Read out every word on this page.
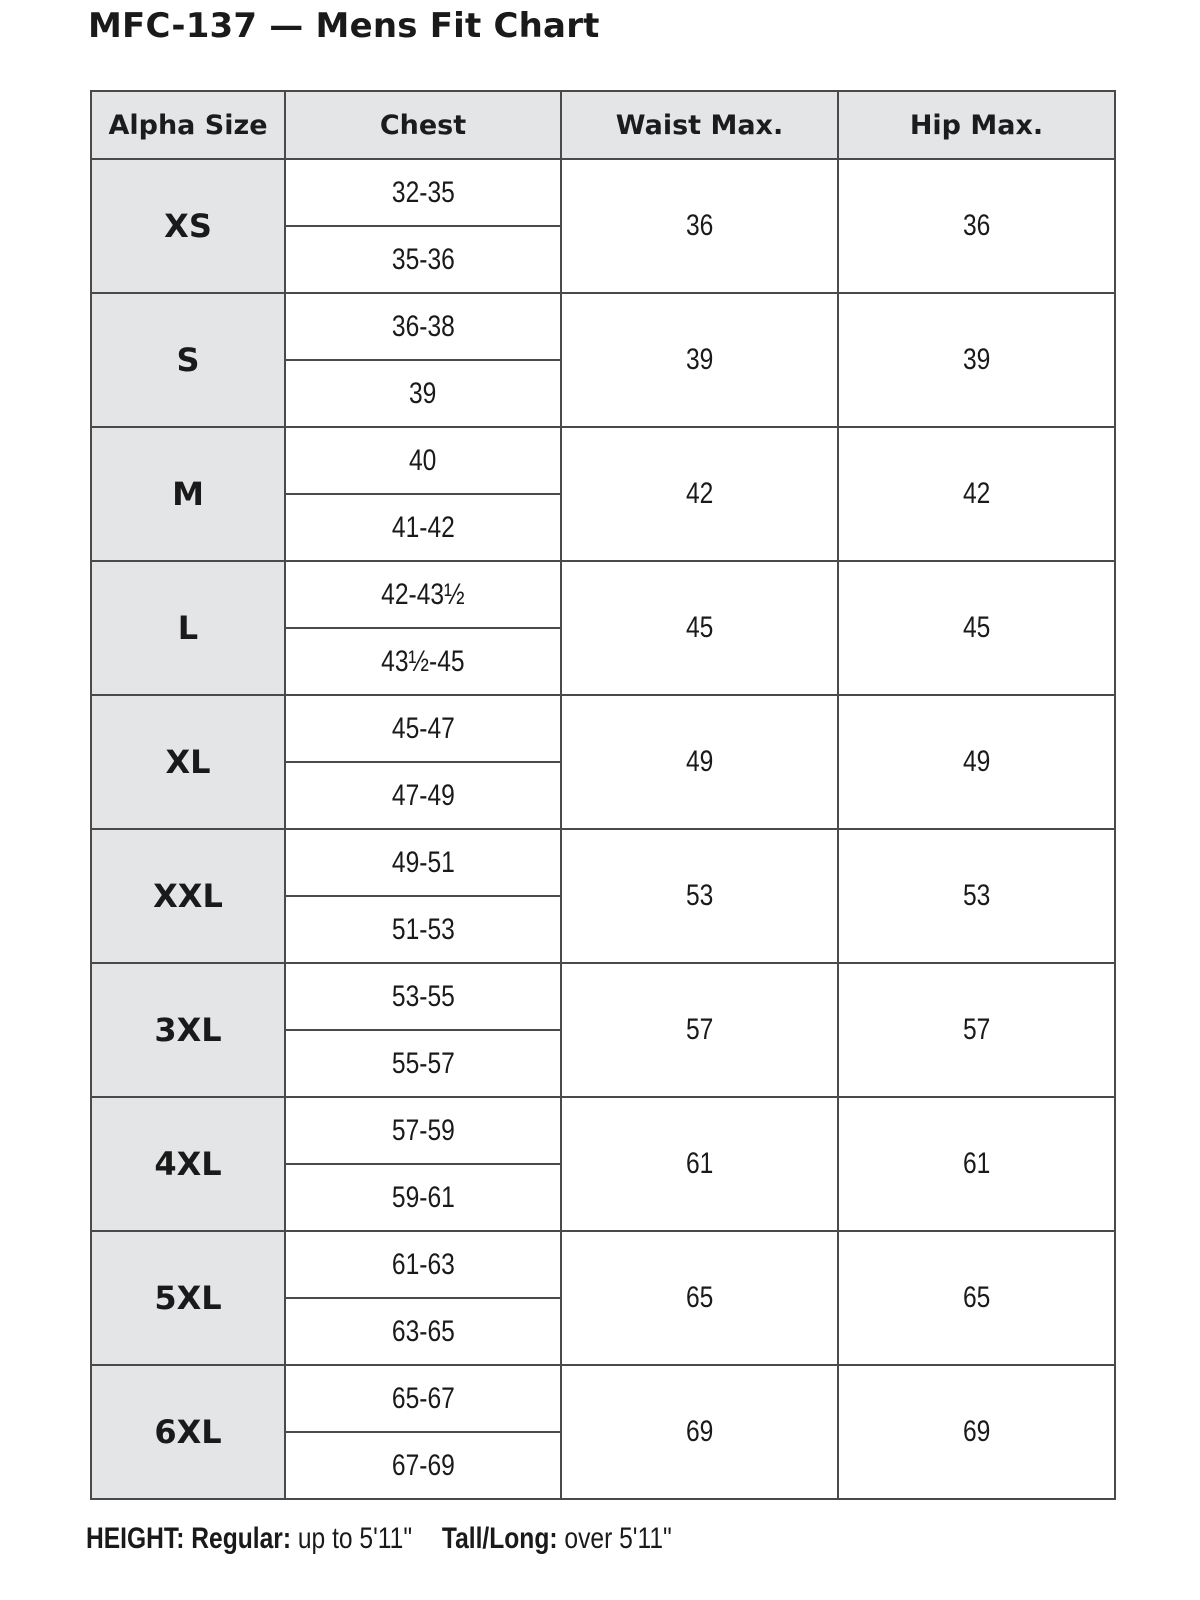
MFC-137 — Mens Fit Chart
Alpha Size	Chest	Waist Max.	Hip Max.
XS	32-35	36	36
	35-36		
S	36-38	39	39
	39		
M	40	42	42
	41-42		
L	42-43½	45	45
	43½-45		
XL	45-47	49	49
	47-49		
XXL	49-51	53	53
	51-53		
3XL	53-55	57	57
	55-57		
4XL	57-59	61	61
	59-61		
5XL	61-63	65	65
	63-65		
6XL	65-67	69	69
	67-69		
HEIGHT: Regular: up to 5'11" Tall/Long: over 5'11"
